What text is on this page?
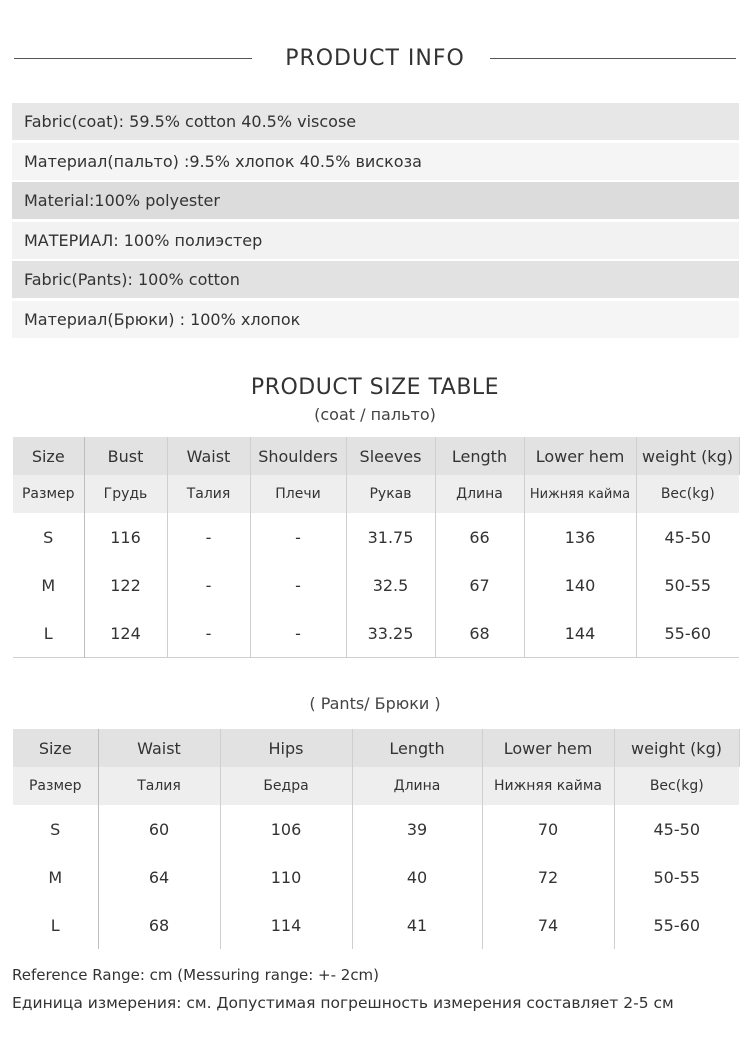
PRODUCT INFO
Fabric(coat): 59.5% cotton 40.5% viscose
Материал(пальто) :9.5% хлопок 40.5% вискоза
Material:100% polyester
МАТЕРИАЛ: 100% полиэстер
Fabric(Pants): 100% cotton
Материал(Брюки) : 100% хлопок
PRODUCT SIZE TABLE
(coat / пальто)
Size	Bust	Waist	Shoulders	Sleeves	Length	Lower hem	weight (kg)
Размер	Грудь	Талия	Плечи	Рукав	Длина	Нижняя кайма	Вес(kg)
S	116	-	-	31.75	66	136	45-50
M	122	-	-	32.5	67	140	50-55
L	124	-	-	33.25	68	144	55-60
( Pants/ Брюки )
Size	Waist	Hips	Length	Lower hem	weight (kg)
Размер	Талия	Бедра	Длина	Нижняя кайма	Вес(kg)
S	60	106	39	70	45-50
M	64	110	40	72	50-55
L	68	114	41	74	55-60
Reference Range: cm (Messuring range: +- 2cm)
Единица измерения: см. Допустимая погрешность измерения составляет 2-5 см
